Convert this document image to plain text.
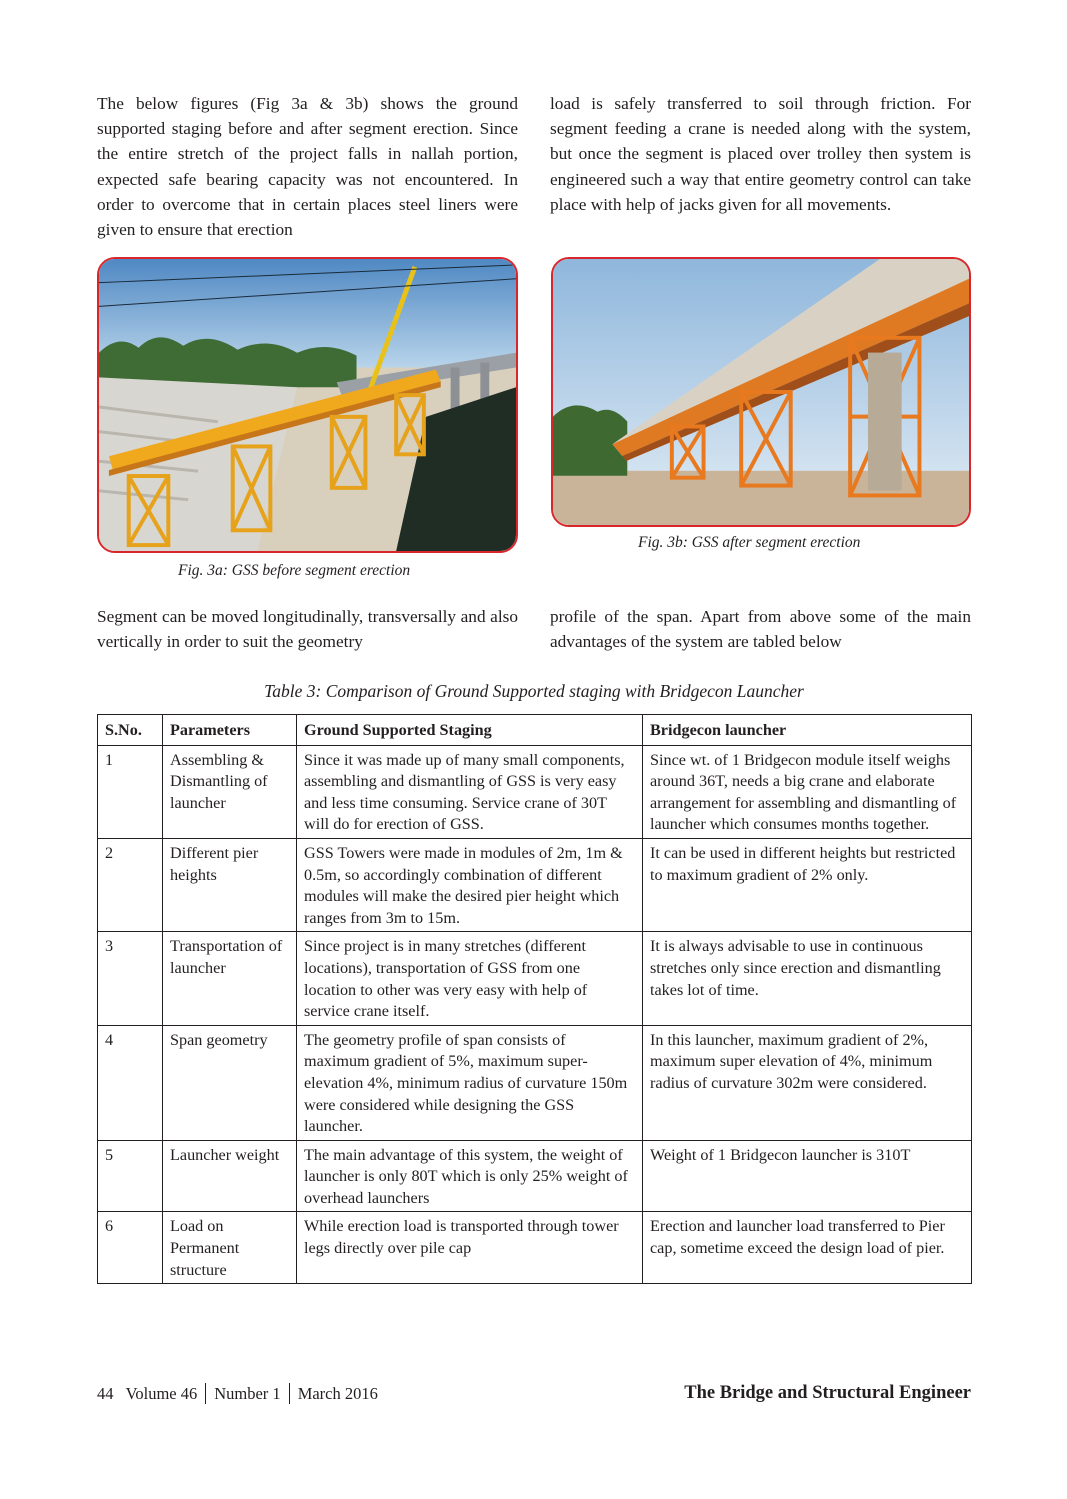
The below figures (Fig 3a & 3b) shows the ground supported staging before and after segment erection. Since the entire stretch of the project falls in nallah portion, expected safe bearing capacity was not encountered. In order to overcome that in certain places steel liners were given to ensure that erection

load is safely transferred to soil through friction. For segment feeding a crane is needed along with the system, but once the segment is placed over trolley then system is engineered such a way that entire geometry control can take place with help of jacks given for all movements.

Fig. 3a: GSS before segment erection
Fig. 3b: GSS after segment erection

Segment can be moved longitudinally, transversally and also vertically in order to suit the geometry

profile of the span. Apart from above some of the main advantages of the system are tabled below

Table 3: Comparison of Ground Supported staging with Bridgecon Launcher
S.No.	Parameters	Ground Supported Staging	Bridgecon launcher
1	Assembling & Dismantling of launcher	Since it was made up of many small components, assembling and dismantling of GSS is very easy and less time consuming. Service crane of 30T will do for erection of GSS.	Since wt. of 1 Bridgecon module itself weighs around 36T, needs a big crane and elaborate arrangement for assembling and dismantling of launcher which consumes months together.
2	Different pier heights	GSS Towers were made in modules of 2m, 1m & 0.5m, so accordingly combination of different modules will make the desired pier height which ranges from 3m to 15m.	It can be used in different heights but restricted to maximum gradient of 2% only.
3	Transportation of launcher	Since project is in many stretches (different locations), transportation of GSS from one location to other was very easy with help of service crane itself.	It is always advisable to use in continuous stretches only since erection and dismantling takes lot of time.
4	Span geometry	The geometry profile of span consists of maximum gradient of 5%, maximum super-elevation 4%, minimum radius of curvature 150m were considered while designing the GSS launcher.	In this launcher, maximum gradient of 2%, maximum super elevation of 4%, minimum radius of curvature 302m were considered.
5	Launcher weight	The main advantage of this system, the weight of launcher is only 80T which is only 25% weight of overhead launchers	Weight of 1 Bridgecon launcher is 310T
6	Load on Permanent structure	While erection load is transported through tower legs directly over pile cap	Erection and launcher load transferred to Pier cap, sometime exceed the design load of pier.
44 Volume 46 Number 1 March 2016	The Bridge and Structural Engineer
